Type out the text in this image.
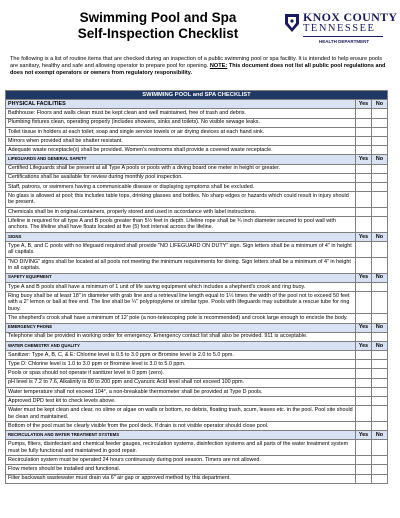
Swimming Pool and Spa
Self-Inspection Checklist
KNOX COUNTY
TENNESSEE
HEALTH DEPARTMENT
The following is a list of routine items that are checked during an inspection of a public swimming pool or spa facility. It is intended to help ensure pools are sanitary, healthy and safe and allowing operator to prepare pool for opening. NOTE: This document does not list all public pool regulations and does not exempt operators or owners from regulatory responsibility.
SWIMMING POOL and SPA CHECKLIST		
PHYSICAL FACILITIES	Yes	No
Bathhouse: Floors and walls clean must be kept clean and well maintained, free of trash and debris.		
Plumbing fixtures clean, operating properly (includes showers, sinks and toilets). No visible sewage leaks.		
Toilet tissue in holders at each toilet; soap and single service towels or air drying devices at each hand sink.		
Mirrors when provided shall be shatter resistant.		
Adequate waste receptacle(s) shall be provided. Women's restrooms shall provide a covered waste receptacle.		
LIFEGUARDS AND GENERAL SAFETY	Yes	No
Certified Lifeguards shall be present at all Type A pools or pools with a diving board one meter in height or greater.		
Certifications shall be available for review during monthly pool inspection.		
Staff, patrons, or swimmers having a communicable disease or displaying symptoms shall be excluded.		
No glass is allowed at pool; this includes table tops, drinking glasses and bottles. No sharp edges or hazards which could result in injury should be present.		
Chemicals shall be in original containers, properly stored and used in accordance with label instructions.		
Lifeline is required for all type A and B pools greater than 5½ feet in depth. Lifeline rope shall be ¾ inch diameter secured to pool wall with anchors. The lifeline shall have floats located at five (5) foot interval across the lifeline.		
SIGNS	Yes	No
Type A, B, and C pools with no lifeguard required shall provide "NO LIFEGUARD ON DUTY" sign. Sign letters shall be a minimum of 4" in height all capitals.		
"NO DIVING" signs shall be located at all pools not meeting the minimum requirements for diving. Sign letters shall be a minimum of 4" in height in all capitals.		
SAFETY EQUIPMENT	Yes	No
Type A and B pools shall have a minimum of 1 unit of life saving equipment which includes a shepherd's crook and ring buoy.		
Ring buoy shall be at least 18" in diameter with grab line and a retrieval line length equal to 1½ times the width of the pool not to exceed 50 feet with a 2" lemon or ball at free end. The line shall be ¼" polypropylene or similar type. Pools with lifeguards may substitute a rescue tube for ring buoy.		
The shepherd's crook shall have a minimum of 12' pole (a non-telescoping pole is recommended) and crook large enough to encircle the body.		
EMERGENCY PHONE	Yes	No
Telephone shall be provided in working order for emergency. Emergency contact list shall also be provided. 911 is acceptable.		
WATER CHEMISTRY AND QUALITY	Yes	No
Sanitizer: Type A, B, C, & E: Chlorine level is 0.5 to 3.0 ppm or Bromine level is 2.0 to 5.0 ppm.		
Type D: Chlorine level is 1.0 to 3.0 ppm or Bromine level is 3.0 to 5.0 ppm.		
Pools or spas should not operate if sanitizer level is 0 ppm (zero).		
pH level is 7.2 to 7.6, Alkalinity is 80 to 200 ppm and Cyanuric Acid level shall not exceed 100 ppm.		
Water temperature shall not exceed 104°, a non-breakable thermometer shall be provided at Type D pools.		
Approved DPD test kit to check levels above.		
Water must be kept clean and clear, no slime or algae on walls or bottom, no debris, floating trash, scum, leaves etc. in the pool. Pool site should be clean and maintained.		
Bottom of the pool must be clearly visible from the pool deck. If drain is not visible operator should close pool.		
RECIRCULATION AND WATER TREATMENT SYSTEMS	Yes	No
Pumps, filters, disinfectant and chemical feeder gauges, recirculation systems, disinfection systems and all parts of the water treatment system must be fully functional and maintained in good repair.		
Recirculation system must be operated 24 hours continuously during pool season. Timers are not allowed.		
Flow meters should be installed and functional.		
Filter backwash wastewater must drain via 6" air gap or approved method by this department.		
